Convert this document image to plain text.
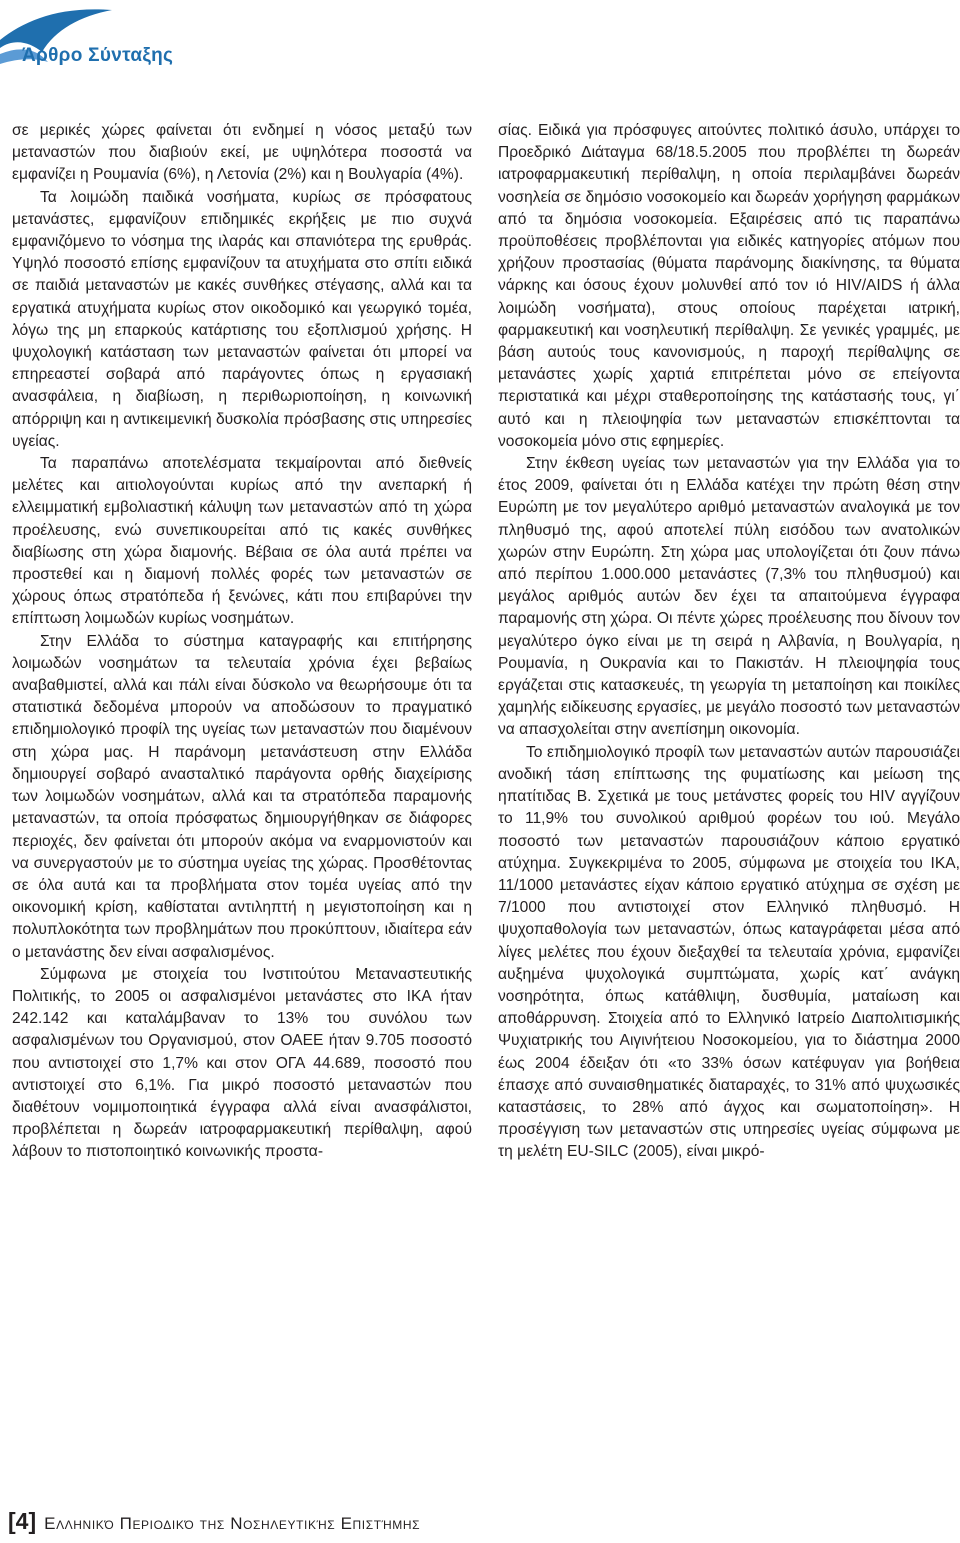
Άρθρο Σύνταξης

σε μερικές χώρες φαίνεται ότι ενδημεί η νόσος μεταξύ των μεταναστών που διαβιούν εκεί, με υψηλότερα ποσοστά να εμφανίζει η Ρουμανία (6%), η Λετονία (2%) και η Βουλγαρία (4%).

Τα λοιμώδη παιδικά νοσήματα, κυρίως σε πρόσφατους μετανάστες, εμφανίζουν επιδημικές εκρήξεις με πιο συχνά εμφανιζόμενο το νόσημα της ιλαράς και σπανιότερα της ερυθράς. Υψηλό ποσοστό επίσης εμφανίζουν τα ατυχήματα στο σπίτι ειδικά σε παιδιά μεταναστών με κακές συνθήκες στέγασης, αλλά και τα εργατικά ατυχήματα κυρίως στον οικοδομικό και γεωργικό τομέα, λόγω της μη επαρκούς κατάρτισης του εξοπλισμού χρήσης. Η ψυχολογική κατάσταση των μεταναστών φαίνεται ότι μπορεί να επηρεαστεί σοβαρά από παράγοντες όπως η εργασιακή ανασφάλεια, η διαβίωση, η περιθωριοποίηση, η κοινωνική απόρριψη και η αντικειμενική δυσκολία πρόσβασης στις υπηρεσίες υγείας.

Τα παραπάνω αποτελέσματα τεκμαίρονται από διεθνείς μελέτες και αιτιολογούνται κυρίως από την ανεπαρκή ή ελλειμματική εμβολιαστική κάλυψη των μεταναστών από τη χώρα προέλευσης, ενώ συνεπικουρείται από τις κακές συνθήκες διαβίωσης στη χώρα διαμονής. Βέβαια σε όλα αυτά πρέπει να προστεθεί και η διαμονή πολλές φορές των μεταναστών σε χώρους όπως στρατόπεδα ή ξενώνες, κάτι που επιβαρύνει την επίπτωση λοιμωδών κυρίως νοσημάτων.

Στην Ελλάδα το σύστημα καταγραφής και επιτήρησης λοιμωδών νοσημάτων τα τελευταία χρόνια έχει βεβαίως αναβαθμιστεί, αλλά και πάλι είναι δύσκολο να θεωρήσουμε ότι τα στατιστικά δεδομένα μπορούν να αποδώσουν το πραγματικό επιδημιολογικό προφίλ της υγείας των μεταναστών που διαμένουν στη χώρα μας. Η παράνομη μετανάστευση στην Ελλάδα δημιουργεί σοβαρό ανασταλτικό παράγοντα ορθής διαχείρισης των λοιμωδών νοσημάτων, αλλά και τα στρατόπεδα παραμονής μεταναστών, τα οποία πρόσφατως δημιουργήθηκαν σε διάφορες περιοχές, δεν φαίνεται ότι μπορούν ακόμα να εναρμονιστούν και να συνεργαστούν με το σύστημα υγείας της χώρας. Προσθέτοντας σε όλα αυτά και τα προβλήματα στον τομέα υγείας από την οικονομική κρίση, καθίσταται αντιληπτή η μεγιστοποίηση και η πολυπλοκότητα των προβλημάτων που προκύπτουν, ιδιαίτερα εάν ο μετανάστης δεν είναι ασφαλισμένος.

Σύμφωνα με στοιχεία του Ινστιτούτου Μεταναστευτικής Πολιτικής, το 2005 οι ασφαλισμένοι μετανάστες στο ΙΚΑ ήταν 242.142 και καταλάμβαναν το 13% του συνόλου των ασφαλισμένων του Οργανισμού, στον ΟΑΕΕ ήταν 9.705 ποσοστό που αντιστοιχεί στο 1,7% και στον ΟΓΑ 44.689, ποσοστό που αντιστοιχεί στο 6,1%. Για μικρό ποσοστό μεταναστών που διαθέτουν νομιμοποιητικά έγγραφα αλλά είναι ανασφάλιστοι, προβλέπεται η δωρεάν ιατροφαρμακευτική περίθαλψη, αφού λάβουν το πιστοποιητικό κοινωνικής προστα-

σίας. Ειδικά για πρόσφυγες αιτούντες πολιτικό άσυλο, υπάρχει το Προεδρικό Διάταγμα 68/18.5.2005 που προβλέπει τη δωρεάν ιατροφαρμακευτική περίθαλψη, η οποία περιλαμβάνει δωρεάν νοσηλεία σε δημόσιο νοσοκομείο και δωρεάν χορήγηση φαρμάκων από τα δημόσια νοσοκομεία. Εξαιρέσεις από τις παραπάνω προϋποθέσεις προβλέπονται για ειδικές κατηγορίες ατόμων που χρήζουν προστασίας (θύματα παράνομης διακίνησης, τα θύματα νάρκης και όσους έχουν μολυνθεί από τον ιό HIV/AIDS ή άλλα λοιμώδη νοσήματα), στους οποίους παρέχεται ιατρική, φαρμακευτική και νοσηλευτική περίθαλψη. Σε γενικές γραμμές, με βάση αυτούς τους κανονισμούς, η παροχή περίθαλψης σε μετανάστες χωρίς χαρτιά επιτρέπεται μόνο σε επείγοντα περιστατικά και μέχρι σταθεροποίησης της κατάστασής τους, γι΄ αυτό και η πλειοψηφία των μεταναστών επισκέπτονται τα νοσοκομεία μόνο στις εφημερίες.

Στην έκθεση υγείας των μεταναστών για την Ελλάδα για το έτος 2009, φαίνεται ότι η Ελλάδα κατέχει την πρώτη θέση στην Ευρώπη με τον μεγαλύτερο αριθμό μεταναστών αναλογικά με τον πληθυσμό της, αφού αποτελεί πύλη εισόδου των ανατολικών χωρών στην Ευρώπη. Στη χώρα μας υπολογίζεται ότι ζουν πάνω από περίπου 1.000.000 μετανάστες (7,3% του πληθυσμού) και μεγάλος αριθμός αυτών δεν έχει τα απαιτούμενα έγγραφα παραμονής στη χώρα. Οι πέντε χώρες προέλευσης που δίνουν τον μεγαλύτερο όγκο είναι με τη σειρά η Αλβανία, η Βουλγαρία, η Ρουμανία, η Ουκρανία και το Πακιστάν. Η πλειοψηφία τους εργάζεται στις κατασκευές, τη γεωργία τη μεταποίηση και ποικίλες χαμηλής ειδίκευσης εργασίες, με μεγάλο ποσοστό των μεταναστών να απασχολείται στην ανεπίσημη οικονομία.

Το επιδημιολογικό προφίλ των μεταναστών αυτών παρουσιάζει ανοδική τάση επίπτωσης της φυματίωσης και μείωση της ηπατίτιδας Β. Σχετικά με τους μετάνστες φορείς του HIV αγγίζουν το 11,9% του συνολικού αριθμού φορέων του ιού. Μεγάλο ποσοστό των μεταναστών παρουσιάζουν κάποιο εργατικό ατύχημα. Συγκεκριμένα το 2005, σύμφωνα με στοιχεία του ΙΚΑ, 11/1000 μετανάστες είχαν κάποιο εργατικό ατύχημα σε σχέση με 7/1000 που αντιστοιχεί στον Ελληνικό πληθυσμό. Η ψυχοπαθολογία των μεταναστών, όπως καταγράφεται μέσα από λίγες μελέτες που έχουν διεξαχθεί τα τελευταία χρόνια, εμφανίζει αυξημένα ψυχολογικά συμπτώματα, χωρίς κατ΄ ανάγκη νοσηρότητα, όπως κατάθλιψη, δυσθυμία, ματαίωση και αποθάρρυνση. Στοιχεία από το Ελληνικό Ιατρείο Διαπολιτισμικής Ψυχιατρικής του Αιγινήτειου Νοσοκομείου, για το διάστημα 2000 έως 2004 έδειξαν ότι «το 33% όσων κατέφυγαν για βοήθεια έπασχε από συναισθηματικές διαταραχές, το 31% από ψυχωσικές καταστάσεις, το 28% από άγχος και σωματοποίηση». Η προσέγγιση των μεταναστών στις υπηρεσίες υγείας σύμφωνα με τη μελέτη EU-SILC (2005), είναι μικρό-

[4] Ελληνικό Περιοδικό της Νοσηλευτικής Επιστήμης
